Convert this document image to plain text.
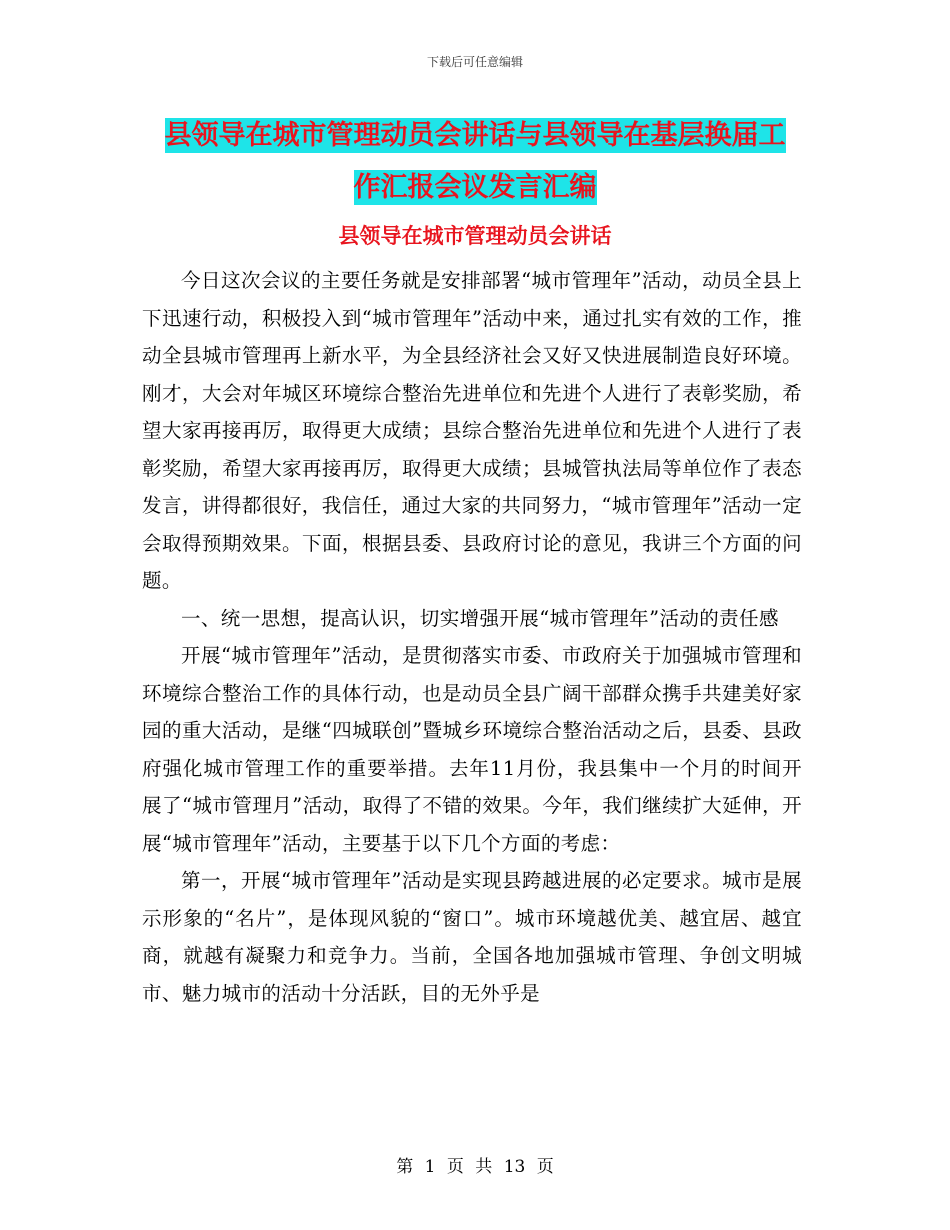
下载后可任意编辑
县领导在城市管理动员会讲话与县领导在基层换届工
作汇报会议发言汇编
县领导在城市管理动员会讲话

今日这次会议的主要任务就是安排部署“城市管理年”活动，动员全县上下迅速行动，积极投入到“城市管理年”活动中来，通过扎实有效的工作，推动全县城市管理再上新水平，为全县经济社会又好又快进展制造良好环境。刚才，大会对年城区环境综合整治先进单位和先进个人进行了表彰奖励，希望大家再接再厉，取得更大成绩；县综合整治先进单位和先进个人进行了表彰奖励，希望大家再接再厉，取得更大成绩；县城管执法局等单位作了表态发言，讲得都很好，我信任，通过大家的共同努力，“城市管理年”活动一定会取得预期效果。下面，根据县委、县政府讨论的意见，我讲三个方面的问题。

一、统一思想，提高认识，切实增强开展“城市管理年”活动的责任感

开展“城市管理年”活动，是贯彻落实市委、市政府关于加强城市管理和环境综合整治工作的具体行动，也是动员全县广阔干部群众携手共建美好家园的重大活动，是继“四城联创”暨城乡环境综合整治活动之后，县委、县政府强化城市管理工作的重要举措。去年11月份，我县集中一个月的时间开展了“城市管理月”活动，取得了不错的效果。今年，我们继续扩大延伸，开展“城市管理年”活动，主要基于以下几个方面的考虑：

第一，开展“城市管理年”活动是实现县跨越进展的必定要求。城市是展示形象的“名片”，是体现风貌的“窗口”。城市环境越优美、越宜居、越宜商，就越有凝聚力和竞争力。当前，全国各地加强城市管理、争创文明城市、魅力城市的活动十分活跃，目的无外乎是

第 1 页 共 13 页
